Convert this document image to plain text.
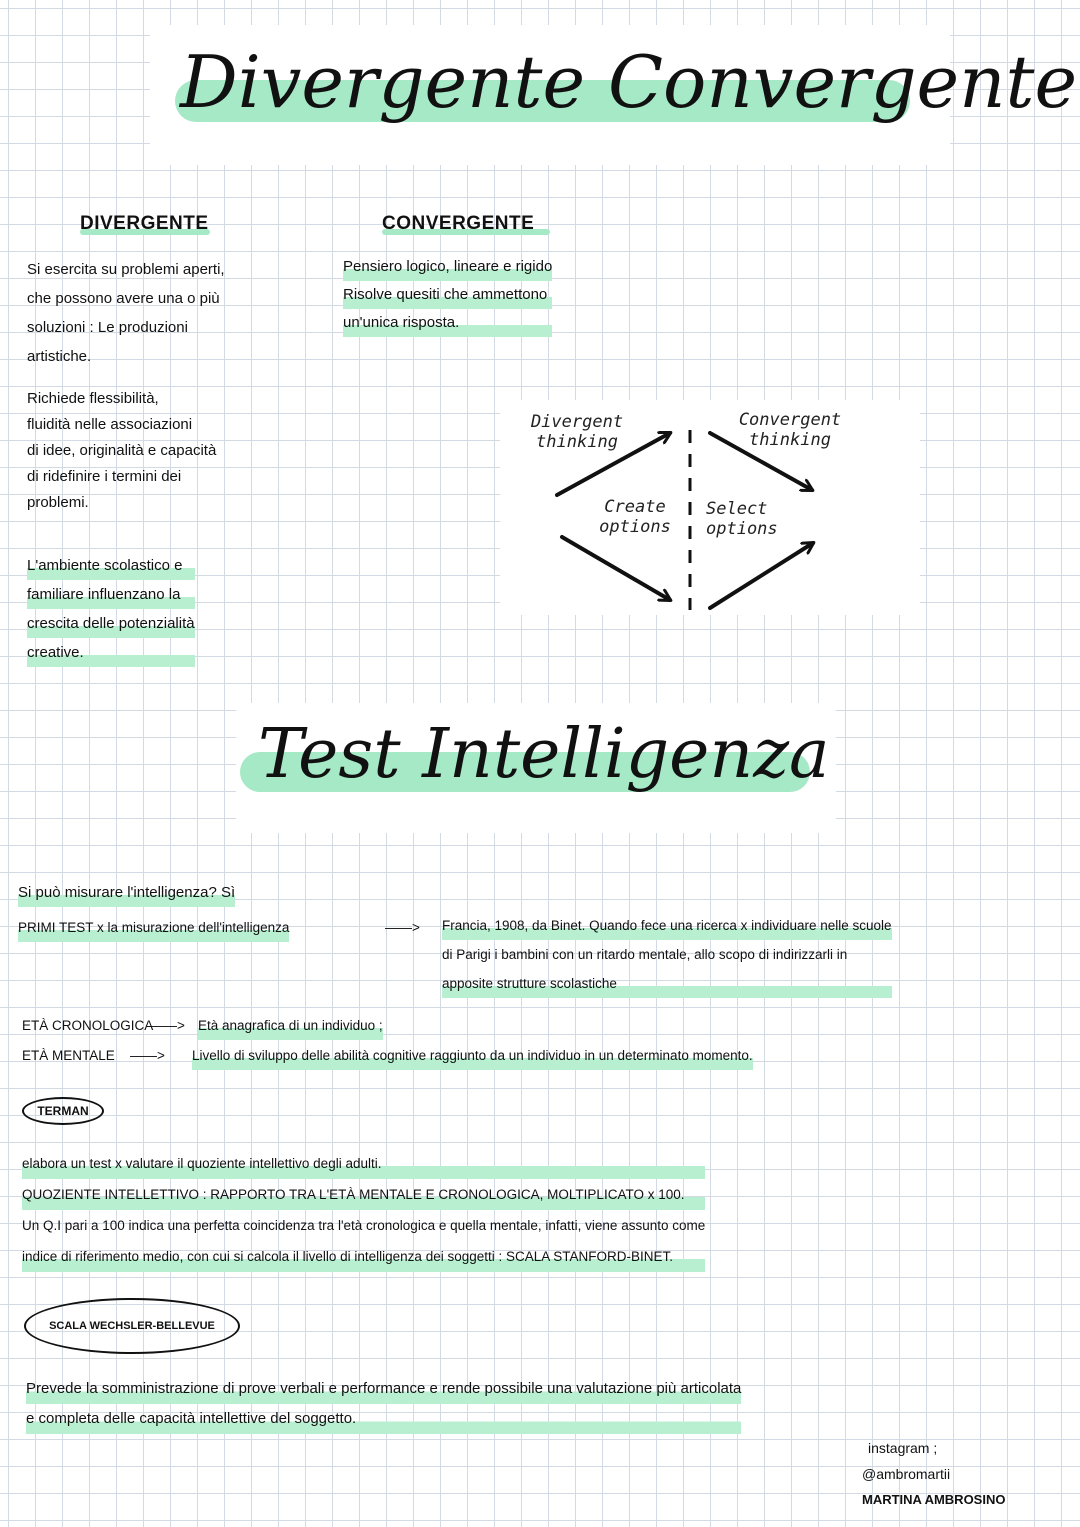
Divergente Convergente
DIVERGENTE
Si esercita su problemi aperti,
che possono avere una o più
soluzioni : Le produzioni
artistiche.
Richiede flessibilità,
fluidità nelle associazioni
di idee, originalità e capacità
di ridefinire i termini dei
problemi.
L'ambiente scolastico e
familiare influenzano la
crescita delle potenzialità
creative.
CONVERGENTE
Pensiero logico, lineare e rigido
Risolve quesiti che ammettono
un'unica risposta.
Divergent
thinking
Convergent
thinking
Create
options
Select
options
Test Intelligenza
Si può misurare l'intelligenza? Sì
PRIMI TEST x la misurazione dell'intelligenza	——> Francia, 1908, da Binet. Quando fece una ricerca x individuare nelle scuole
di Parigi i bambini con un ritardo mentale, allo scopo di indirizzarli in
apposite strutture scolastiche
ETÀ CRONOLOGICA
——> Età anagrafica di un individuo ;
ETÀ MENTALE ——> Livello di sviluppo delle abilità cognitive raggiunto da un individuo in un determinato momento.
TERMAN
elabora un test x valutare il quoziente intellettivo degli adulti.
QUOZIENTE INTELLETTIVO : RAPPORTO TRA L'ETÀ MENTALE E CRONOLOGICA, MOLTIPLICATO x 100.
Un Q.I pari a 100 indica una perfetta coincidenza tra l'età cronologica e quella mentale, infatti, viene assunto come
indice di riferimento medio, con cui si calcola il livello di intelligenza dei soggetti : SCALA STANFORD-BINET.
SCALA WECHSLER-BELLEVUE
Prevede la somministrazione di prove verbali e performance e rende possibile una valutazione più articolata
e completa delle capacità intellettive del soggetto.
instagram ;
@ambromartii
MARTINA AMBROSINO
